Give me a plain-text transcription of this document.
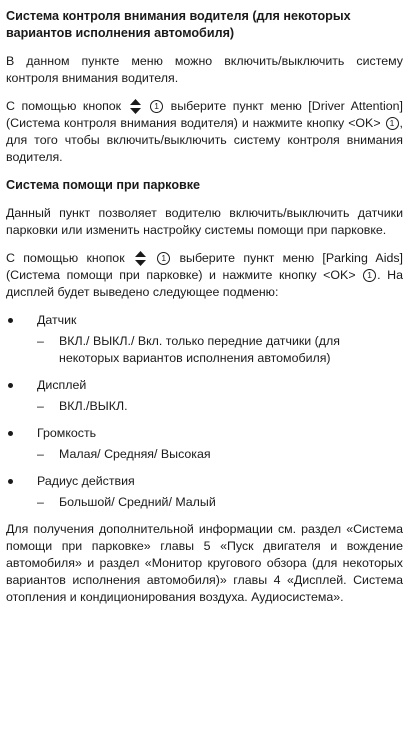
Система контроля внимания водителя (для некоторых вариантов исполнения автомобиля)

В данном пункте меню можно включить/выключить систему контроля внимания водителя.

С помощью кнопок	1 выберите пункт меню [Driver Attention] (Система контроля внимания водителя) и нажмите кнопку <OK> 1 , для того чтобы включить/выключить систему контроля внимания водителя.

Система помощи при парковке

Данный пункт позволяет водителю включить/выключить датчики парковки или изменить настройку системы помощи при парковке.

С помощью кнопок	1 выберите пункт меню [Parking Aids] (Система помощи при парковке) и нажмите кнопку <OK> 1 . На дисплей будет выведено следующее подменю:

Датчик
–	ВКЛ./ ВЫКЛ./ Вкл. только передние датчики (для некоторых вариантов исполнения автомобиля)
Дисплей
–	ВКЛ./ВЫКЛ.
Громкость
–	Малая/ Средняя/ Высокая
Радиус действия
–	Большой/ Средний/ Малый

Для получения дополнительной информации см. раздел «Система помощи при парковке» главы 5 «Пуск двигателя и вождение автомобиля» и раздел «Монитор кругового обзора (для некоторых вариантов исполнения автомобиля)» главы 4 «Дисплей. Система отопления и кондиционирования воздуха. Аудиосистема».
